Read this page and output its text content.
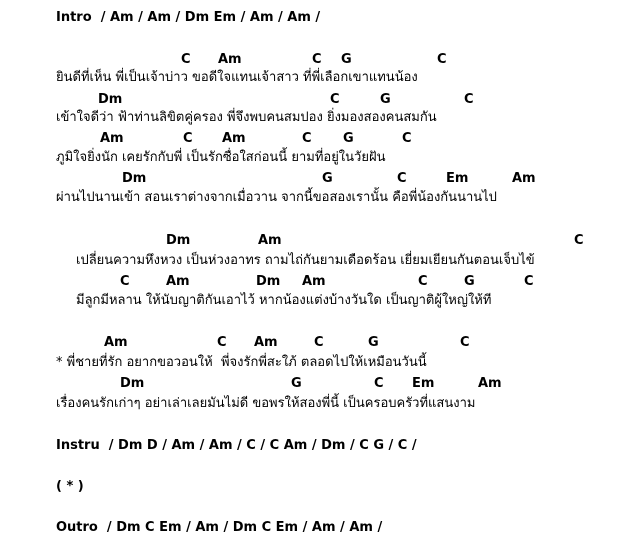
Intro  / Am / Am / Dm Em / Am / Am /
C Am	C G	C
ยินดีที่เห็น พี่เป็นเจ้าบ่าว ขอดีใจแทนเจ้าสาว ที่พี่เลือกเขาแทนน้อง
Dm	C	G	C
เข้าใจดีว่า ฟ้าท่านลิขิตคู่ครอง พี่จึงพบคนสมปอง ยิ่งมองสองคนสมกัน
Am	C Am	C G	C
ภูมิใจยิ่งนัก เคยรักกับพี่ เป็นรักซื่อใสก่อนนี้ ยามที่อยู่ในวัยฝัน
Dm	G	C	Em	Am
ผ่านไปนานเข้า สอนเราต่างจากเมื่อวาน จากนี้ขอสองเรานั้น คือพี่น้องกันนานไป
Dm	Am	C
เปลี่ยนความหึงหวง เป็นห่วงอาทร ถามไถ่กันยามเดือดร้อน เยี่ยมเยียนกันตอนเจ็บไข้
C	Am	Dm Am	C	G	C
มีลูกมีหลาน ให้นับญาติกันเอาไว้ หากน้องแต่งบ้างวันใด เป็นญาติผู้ใหญ่ให้ที
Am	C Am	C	G	C
* พี่ชายที่รัก อยากขอวอนให้  พี่จงรักพี่สะใภ้ ตลอดไปให้เหมือนวันนี้
Dm	G	C Em	Am
เรื่องคนรักเก่าๆ อย่าเล่าเลยมันไม่ดี ขอพรให้สองพี่นี้ เป็นครอบครัวที่แสนงาม
Instru  / Dm D / Am / Am / C / C Am / Dm / C G / C /
( * )
Outro  / Dm C Em / Am / Dm C Em / Am / Am /
